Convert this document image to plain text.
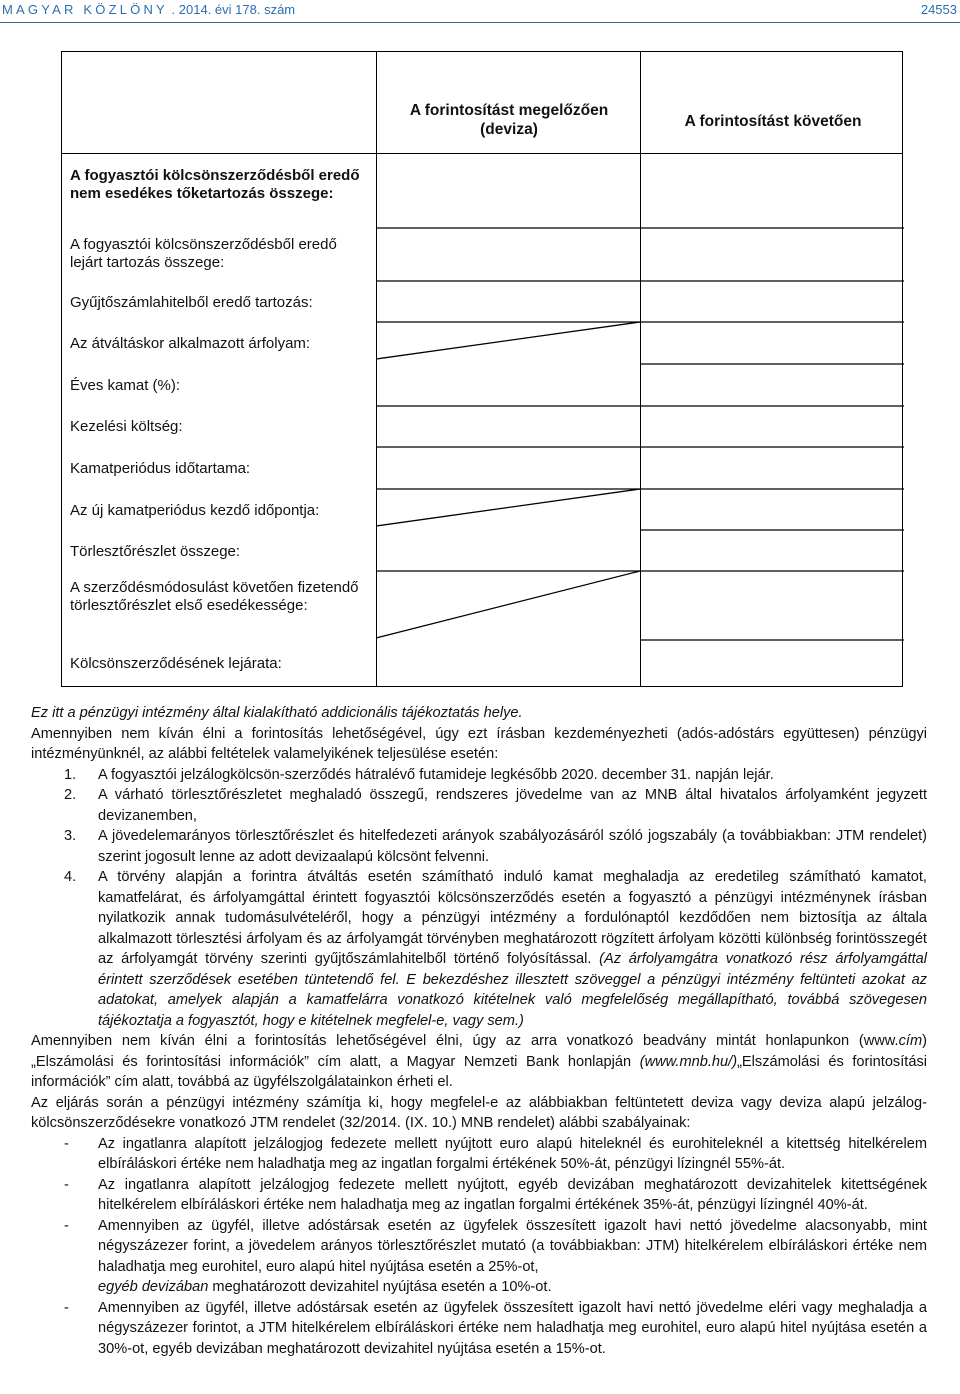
MAGYAR KÖZLÖNY . 2014. évi 178. szám	24553
A forintosítást megelőzően (deviza)	A forintosítást követően
A fogyasztói kölcsönszerződésből eredő nem esedékes tőketartozás összege:
A fogyasztói kölcsönszerződésből eredő lejárt tartozás összege:
Gyűjtőszámlahitelből eredő tartozás:
Az átváltáskor alkalmazott árfolyam:
Éves kamat (%):
Kezelési költség:
Kamatperiódus időtartama:
Az új kamatperiódus kezdő időpontja:
Törlesztőrészlet összege:
A szerződésmódosulást követően fizetendő törlesztőrészlet első esedékessége:
Kölcsönszerződésének lejárata:

Ez itt a pénzügyi intézmény által kialakítható addicionális tájékoztatás helye.

Amennyiben nem kíván élni a forintosítás lehetőségével, úgy ezt írásban kezdeményezheti (adós-adóstárs együttesen) pénzügyi intézményünknél, az alábbi feltételek valamelyikének teljesülése esetén:

1. A fogyasztói jelzálogkölcsön-szerződés hátralévő futamideje legkésőbb 2020. december 31. napján lejár.
2. A várható törlesztőrészletet meghaladó összegű, rendszeres jövedelme van az MNB által hivatalos árfolyamként jegyzett devizanemben,
3. A jövedelemarányos törlesztőrészlet és hitelfedezeti arányok szabályozásáról szóló jogszabály (a továbbiakban: JTM rendelet) szerint jogosult lenne az adott devizaalapú kölcsönt felvenni.
4. A törvény alapján a forintra átváltás esetén számítható induló kamat meghaladja az eredetileg számítható kamatot, kamatfelárat, és árfolyamgáttal érintett fogyasztói kölcsönszerződés esetén a fogyasztó a pénzügyi intézménynek írásban nyilatkozik annak tudomásulvételéről, hogy a pénzügyi intézmény a fordulónaptól kezdődően nem biztosítja az általa alkalmazott törlesztési árfolyam és az árfolyamgát törvényben meghatározott rögzített árfolyam közötti különbség forintösszegét az árfolyamgát törvény szerinti gyűjtőszámlahitelből történő folyósítással. (Az árfolyamgátra vonatkozó rész árfolyamgáttal érintett szerződések esetében tüntetendő fel. E bekezdéshez illesztett szöveggel a pénzügyi intézmény feltünteti azokat az adatokat, amelyek alapján a kamatfelárra vonatkozó kitételnek való megfelelőség megállapítható, továbbá szövegesen tájékoztatja a fogyasztót, hogy e kitételnek megfelel-e, vagy sem.)

Amennyiben nem kíván élni a forintosítás lehetőségével élni, úgy az arra vonatkozó beadvány mintát honlapunkon (www.cím) „Elszámolási és forintosítási információk” cím alatt, a Magyar Nemzeti Bank honlapján (www.mnb.hu/)„Elszámolási és forintosítási információk” cím alatt, továbbá az ügyfélszolgálatainkon érheti el.

Az eljárás során a pénzügyi intézmény számítja ki, hogy megfelel-e az alábbiakban feltüntetett deviza vagy deviza alapú jelzálog-kölcsönszerződésekre vonatkozó JTM rendelet (32/2014. (IX. 10.) MNB rendelet) alábbi szabályainak:

- Az ingatlanra alapított jelzálogjog fedezete mellett nyújtott euro alapú hiteleknél és eurohiteleknél a kitettség hitelkérelem elbíráláskori értéke nem haladhatja meg az ingatlan forgalmi értékének 50%-át, pénzügyi lízingnél 55%-át.
- Az ingatlanra alapított jelzálogjog fedezete mellett nyújtott, egyéb devizában meghatározott devizahitelek kitettségének hitelkérelem elbíráláskori értéke nem haladhatja meg az ingatlan forgalmi értékének 35%-át, pénzügyi lízingnél 40%-át.
- Amennyiben az ügyfél, illetve adóstársak esetén az ügyfelek összesített igazolt havi nettó jövedelme alacsonyabb, mint négyszázezer forint, a jövedelem arányos törlesztőrészlet mutató (a továbbiakban: JTM) hitelkérelem elbíráláskori értéke nem haladhatja meg eurohitel, euro alapú hitel nyújtása esetén a 25%-ot,
egyéb devizában meghatározott devizahitel nyújtása esetén a 10%-ot.
- Amennyiben az ügyfél, illetve adóstársak esetén az ügyfelek összesített igazolt havi nettó jövedelme eléri vagy meghaladja a négyszázezer forintot, a JTM hitelkérelem elbíráláskori értéke nem haladhatja meg eurohitel, euro alapú hitel nyújtása esetén a 30%-ot, egyéb devizában meghatározott devizahitel nyújtása esetén a 15%-ot.
